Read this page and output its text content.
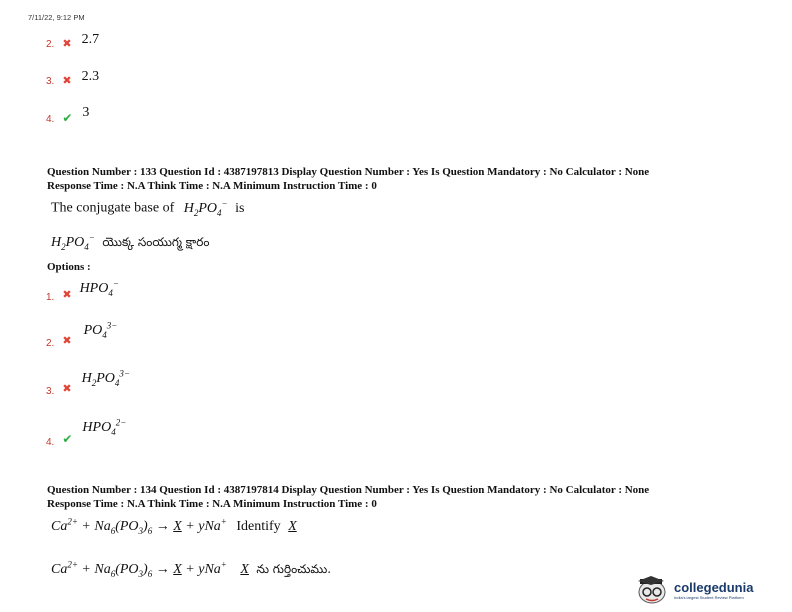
7/11/22, 9:12 PM
2. ✖ 2.7
3. ✖ 2.3
4. ✔ 3
Question Number : 133 Question Id : 4387197813 Display Question Number : Yes Is Question Mandatory : No Calculator : None
Response Time : N.A Think Time : N.A Minimum Instruction Time : 0
The conjugate base of $H_2PO_4^-$ is
$H_2PO_4^-$ యొక్క సంయుగ్మ క్షారం
Options :
$_{1.}$ $_✖$ $HPO_4^-$
$_{2.}$ $_✖$ $PO_4^{3-}$
$_{3.}$ $_✖$ $H_2PO_4^{3-}$
$_{4.}$ $_✔$ $HPO_4^{2-}$
Question Number : 134 Question Id : 4387197814 Display Question Number : Yes Is Question Mandatory : No Calculator : None
Response Time : N.A Think Time : N.A Minimum Instruction Time : 0
$Ca^{2+} + Na_6(PO_3)_6 \to X + yNa^+$ Identify X
$Ca^{2+} + Na_6(PO_3)_6 \to X + yNa^+$ X ను గుర్తించుము.
collegedunia
India's largest Student Review Platform
